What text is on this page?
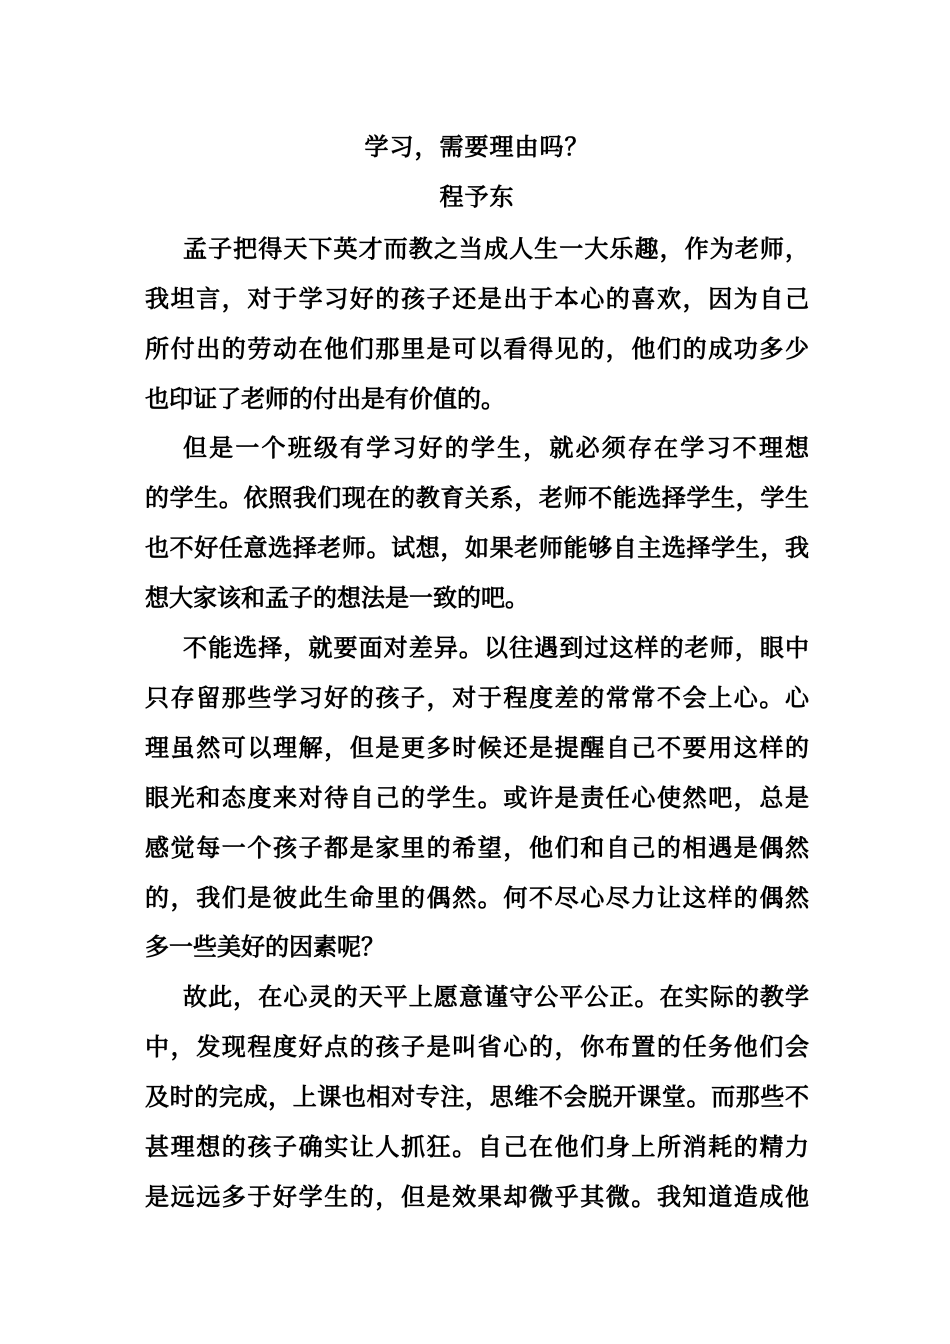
学习，需要理由吗？
程予东
孟子把得天下英才而教之当成人生一大乐趣，作为老师，
我坦言，对于学习好的孩子还是出于本心的喜欢，因为自己
所付出的劳动在他们那里是可以看得见的，他们的成功多少
也印证了老师的付出是有价值的。
但是一个班级有学习好的学生，就必须存在学习不理想
的学生。依照我们现在的教育关系，老师不能选择学生，学生
也不好任意选择老师。试想，如果老师能够自主选择学生，我
想大家该和孟子的想法是一致的吧。
不能选择，就要面对差异。以往遇到过这样的老师，眼中
只存留那些学习好的孩子，对于程度差的常常不会上心。心
理虽然可以理解，但是更多时候还是提醒自己不要用这样的
眼光和态度来对待自己的学生。或许是责任心使然吧，总是
感觉每一个孩子都是家里的希望，他们和自己的相遇是偶然
的，我们是彼此生命里的偶然。何不尽心尽力让这样的偶然
多一些美好的因素呢？
故此，在心灵的天平上愿意谨守公平公正。在实际的教学
中，发现程度好点的孩子是叫省心的，你布置的任务他们会
及时的完成，上课也相对专注，思维不会脱开课堂。而那些不
甚理想的孩子确实让人抓狂。自己在他们身上所消耗的精力
是远远多于好学生的，但是效果却微乎其微。我知道造成他
